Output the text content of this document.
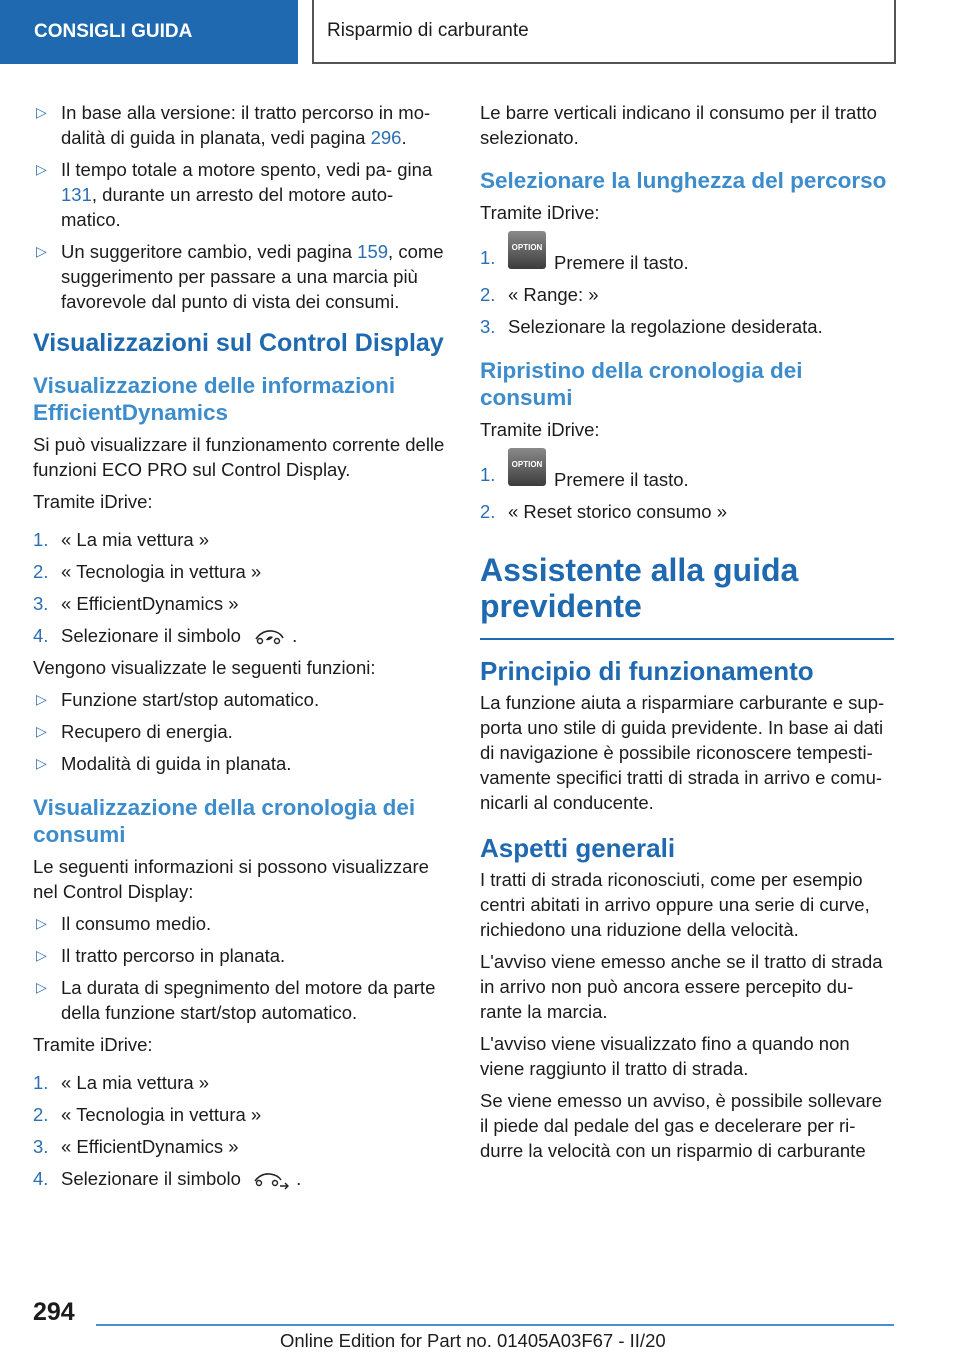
CONSIGLI GUIDA	Risparmio di carburante
▷ In base alla versione: il tratto percorso in mo- dalità di guida in planata, vedi pagina 296.
▷ Il tempo totale a motore spento, vedi pa- gina 131, durante un arresto del motore auto- matico.
▷ Un suggeritore cambio, vedi pagina 159, come suggerimento per passare a una marcia più favorevole dal punto di vista dei consumi.
Visualizzazioni sul Control Display
Visualizzazione delle informazioni EfficientDynamics

Si può visualizzare il funzionamento corrente delle funzioni ECO PRO sul Control Display.

Tramite iDrive:

1. « La mia vettura »
2. « Tecnologia in vettura »
3. « EfficientDynamics »
4. Selezionare il simbolo	.

Vengono visualizzate le seguenti funzioni:

▷ Funzione start/stop automatico.
▷ Recupero di energia.
▷ Modalità di guida in planata.
Visualizzazione della cronologia dei consumi

Le seguenti informazioni si possono visualizzare nel Control Display:

▷ Il consumo medio.
▷ Il tratto percorso in planata.
▷ La durata di spegnimento del motore da parte della funzione start/stop automatico.

Tramite iDrive:

1. « La mia vettura »
2. « Tecnologia in vettura »
3. « EfficientDynamics »
4. Selezionare il simbolo	.

Le barre verticali indicano il consumo per il tratto selezionato.

Selezionare la lunghezza del percorso

Tramite iDrive:

1. OPTIONPremere il tasto.
2. « Range: »
3. Selezionare la regolazione desiderata.
Ripristino della cronologia dei consumi

Tramite iDrive:

1. OPTIONPremere il tasto.
2. « Reset storico consumo »
Assistente alla guida previdente
Principio di funzionamento

La funzione aiuta a risparmiare carburante e sup- porta uno stile di guida previdente. In base ai dati di navigazione è possibile riconoscere tempesti- vamente specifici tratti di strada in arrivo e comu- nicarli al conducente.

Aspetti generali

I tratti di strada riconosciuti, come per esempio centri abitati in arrivo oppure una serie di curve, richiedono una riduzione della velocità.

L'avviso viene emesso anche se il tratto di strada in arrivo non può ancora essere percepito du- rante la marcia.

L'avviso viene visualizzato fino a quando non viene raggiunto il tratto di strada.

Se viene emesso un avviso, è possibile sollevare il piede dal pedale del gas e decelerare per ri- durre la velocità con un risparmio di carburante

294
Online Edition for Part no. 01405A03F67 - II/20
